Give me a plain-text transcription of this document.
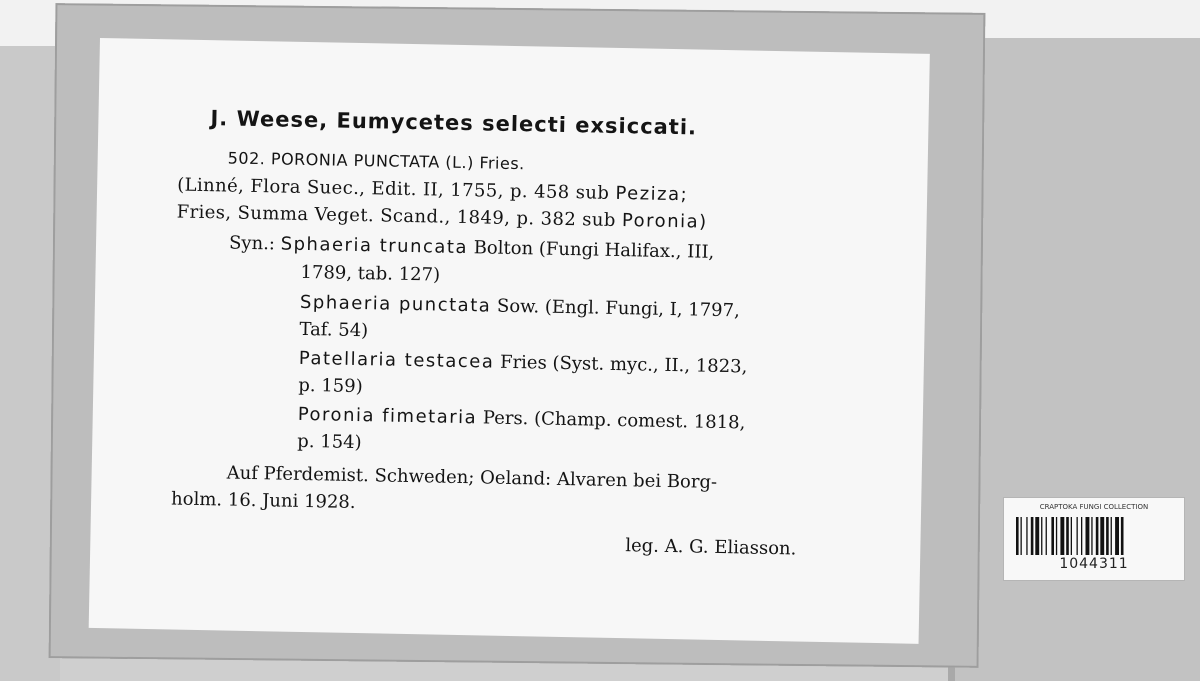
J. Weese, Eumycetes selecti exsiccati.
502. PORONIA PUNCTATA (L.) Fries.
(Linné, Flora Suec., Edit. II, 1755, p. 458 sub Peziza;
Fries, Summa Veget. Scand., 1849, p. 382 sub Poronia)
Syn.: Sphaeria truncata Bolton (Fungi Halifax., III,
1789, tab. 127)
Sphaeria punctata Sow. (Engl. Fungi, I, 1797,
Taf. 54)
Patellaria testacea Fries (Syst. myc., II., 1823,
p. 159)
Poronia fimetaria Pers. (Champ. comest. 1818,
p. 154)
Auf Pferdemist. Schweden; Oeland: Alvaren bei Borg-
holm. 16. Juni 1928.
leg. A. G. Eliasson.
CRAPTOKA FUNGI COLLECTION
1044311
